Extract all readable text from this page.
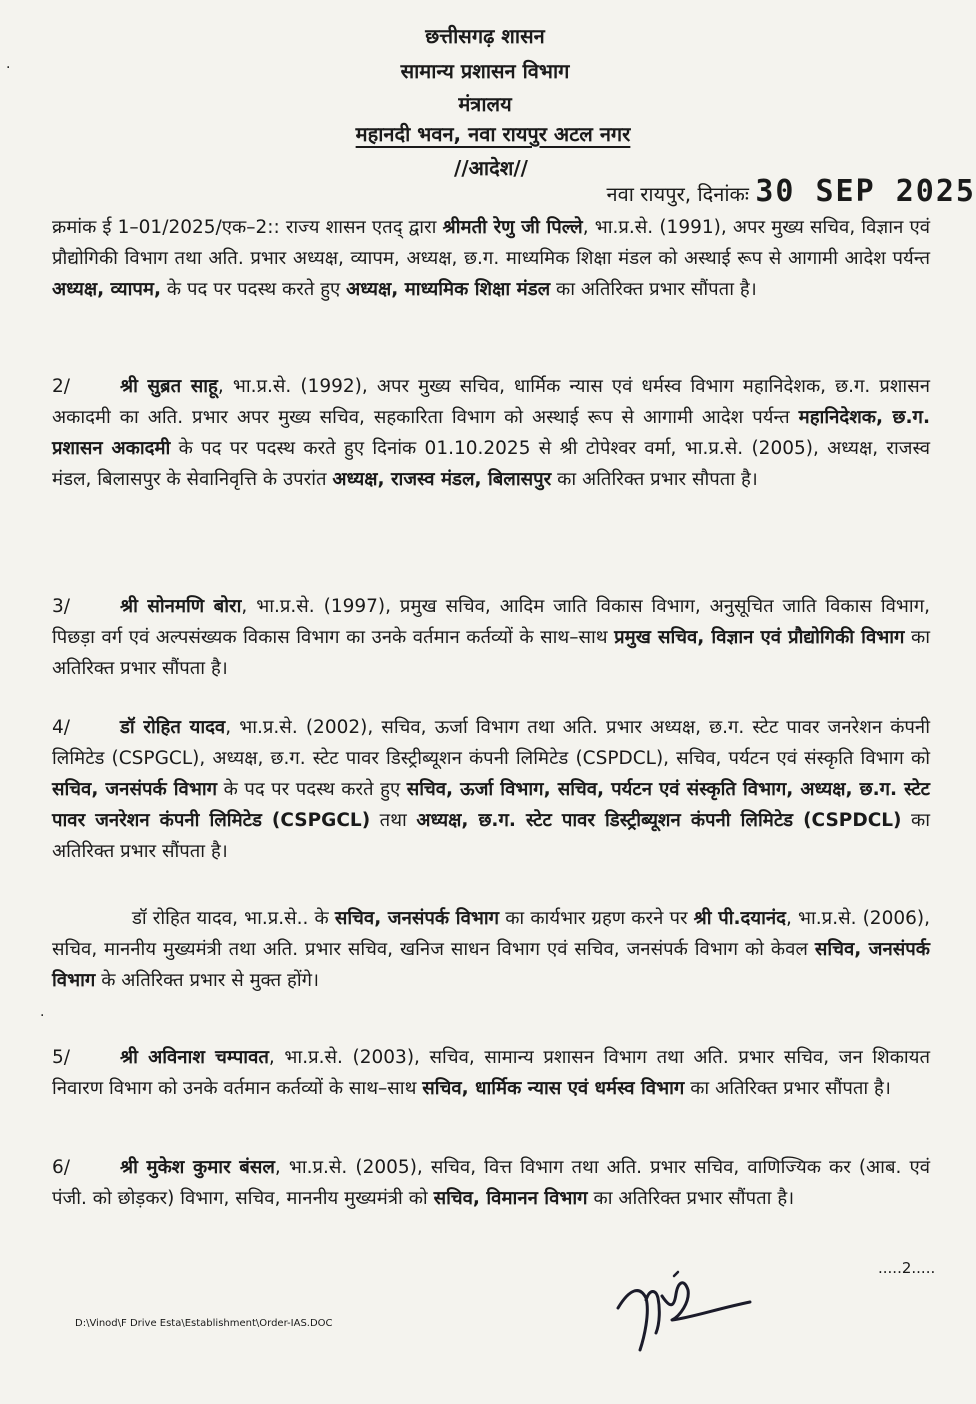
छत्तीसगढ़ शासन
सामान्य प्रशासन विभाग
मंत्रालय
महानदी भवन, नवा रायपुर अटल नगर
//आदेश//
नवा रायपुर, दिनांकः 30 SEP 2025
क्रमांक ई 1–01/2025/एक–2:: राज्य शासन एतद् द्वारा श्रीमती रेणु जी पिल्ले, भा.प्र.से. (1991), अपर मुख्य सचिव, विज्ञान एवं प्रौद्योगिकी विभाग तथा अति. प्रभार अध्यक्ष, व्यापम, अध्यक्ष, छ.ग. माध्यमिक शिक्षा मंडल को अस्थाई रूप से आगामी आदेश पर्यन्त अध्यक्ष, व्यापम, के पद पर पदस्थ करते हुए अध्यक्ष, माध्यमिक शिक्षा मंडल का अतिरिक्त प्रभार सौंपता है।
2/	श्री सुब्रत साहू, भा.प्र.से. (1992), अपर मुख्य सचिव, धार्मिक न्यास एवं धर्मस्व विभाग महानिदेशक, छ.ग. प्रशासन अकादमी का अति. प्रभार अपर मुख्य सचिव, सहकारिता विभाग को अस्थाई रूप से आगामी आदेश पर्यन्त महानिदेशक, छ.ग. प्रशासन अकादमी के पद पर पदस्थ करते हुए दिनांक 01.10.2025 से श्री टोपेश्वर वर्मा, भा.प्र.से. (2005), अध्यक्ष, राजस्व मंडल, बिलासपुर के सेवानिवृत्ति के उपरांत अध्यक्ष, राजस्व मंडल, बिलासपुर का अतिरिक्त प्रभार सौपता है।
3/	श्री सोनमणि बोरा, भा.प्र.से. (1997), प्रमुख सचिव, आदिम जाति विकास विभाग, अनुसूचित जाति विकास विभाग, पिछड़ा वर्ग एवं अल्पसंख्यक विकास विभाग का उनके वर्तमान कर्तव्यों के साथ–साथ प्रमुख सचिव, विज्ञान एवं प्रौद्योगिकी विभाग का अतिरिक्त प्रभार सौंपता है।
4/	डॉ रोहित यादव, भा.प्र.से. (2002), सचिव, ऊर्जा विभाग तथा अति. प्रभार अध्यक्ष, छ.ग. स्टेट पावर जनरेशन कंपनी लिमिटेड (CSPGCL), अध्यक्ष, छ.ग. स्टेट पावर डिस्ट्रीब्यूशन कंपनी लिमिटेड (CSPDCL), सचिव, पर्यटन एवं संस्कृति विभाग को सचिव, जनसंपर्क विभाग के पद पर पदस्थ करते हुए सचिव, ऊर्जा विभाग, सचिव, पर्यटन एवं संस्कृति विभाग, अध्यक्ष, छ.ग. स्टेट पावर जनरेशन कंपनी लिमिटेड (CSPGCL) तथा अध्यक्ष, छ.ग. स्टेट पावर डिस्ट्रीब्यूशन कंपनी लिमिटेड (CSPDCL) का अतिरिक्त प्रभार सौंपता है।
डॉ रोहित यादव, भा.प्र.से.. के सचिव, जनसंपर्क विभाग का कार्यभार ग्रहण करने पर श्री पी.दयानंद, भा.प्र.से. (2006), सचिव, माननीय मुख्यमंत्री तथा अति. प्रभार सचिव, खनिज साधन विभाग एवं सचिव, जनसंपर्क विभाग को केवल सचिव, जनसंपर्क विभाग के अतिरिक्त प्रभार से मुक्त होंगे।
5/	श्री अविनाश चम्पावत, भा.प्र.से. (2003), सचिव, सामान्य प्रशासन विभाग तथा अति. प्रभार सचिव, जन शिकायत निवारण विभाग को उनके वर्तमान कर्तव्यों के साथ–साथ सचिव, धार्मिक न्यास एवं धर्मस्व विभाग का अतिरिक्त प्रभार सौंपता है।
6/	श्री मुकेश कुमार बंसल, भा.प्र.से. (2005), सचिव, वित्त विभाग तथा अति. प्रभार सचिव, वाणिज्यिक कर (आब. एवं पंजी. को छोड़कर) विभाग, सचिव, माननीय मुख्यमंत्री को सचिव, विमानन विभाग का अतिरिक्त प्रभार सौंपता है।
.....2.....
D:\Vinod\F Drive Esta\Establishment\Order-IAS.DOC
·
·
